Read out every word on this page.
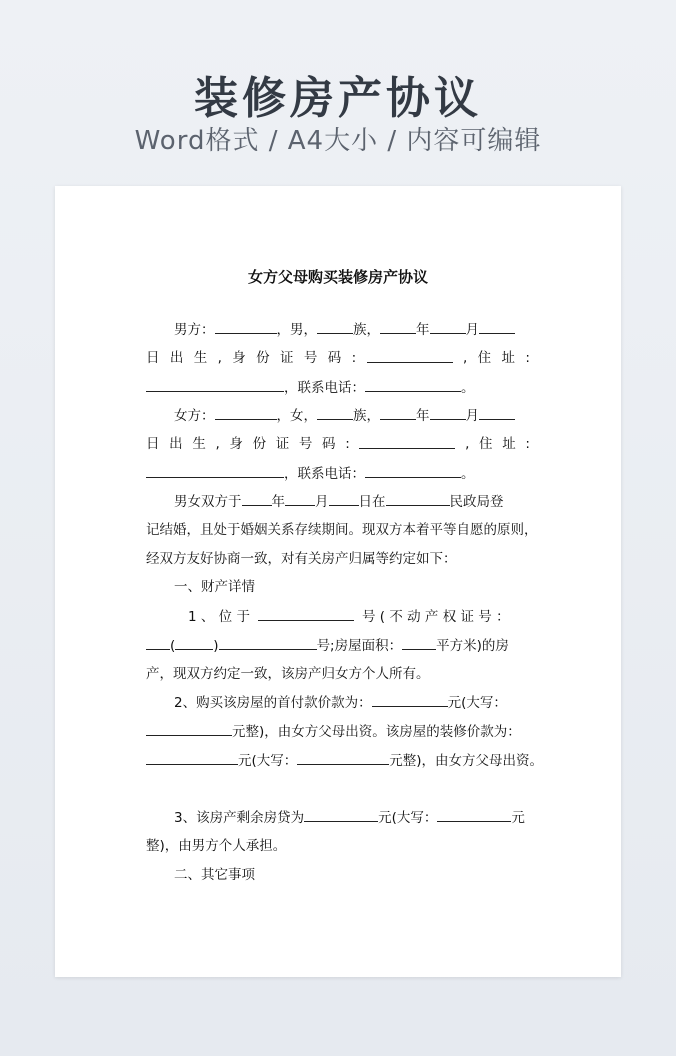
装修房产协议
Word格式 / A4大小 / 内容可编辑
女方父母购买装修房产协议
男方：	，男，	族，	年	月
日 出 生 , 身 份 证 号 码 :	, 住 址 :
，联系电话：	。
女方：	，女，	族，	年	月
日 出 生 , 身 份 证 号 码 :	, 住 址 :
，联系电话：	。
男女双方于 年 月 日在	民政局登
记结婚，且处于婚姻关系存续期间。现双方本着平等自愿的原则，
经双方友好协商一致，对有关房产归属等约定如下：
一、财产详情
1 、 位 于	号 ( 不 动 产 权 证 号 ：
(	)	号;房屋面积：	平方米)的房
产，现双方约定一致，该房产归女方个人所有。
2、购买该房屋的首付款价款为：	元(大写：
元整)，由女方父母出资。该房屋的装修价款为：
元(大写：	元整)，由女方父母出资。
3、该房产剩余房贷为	元(大写：	元
整)，由男方个人承担。
二、其它事项
